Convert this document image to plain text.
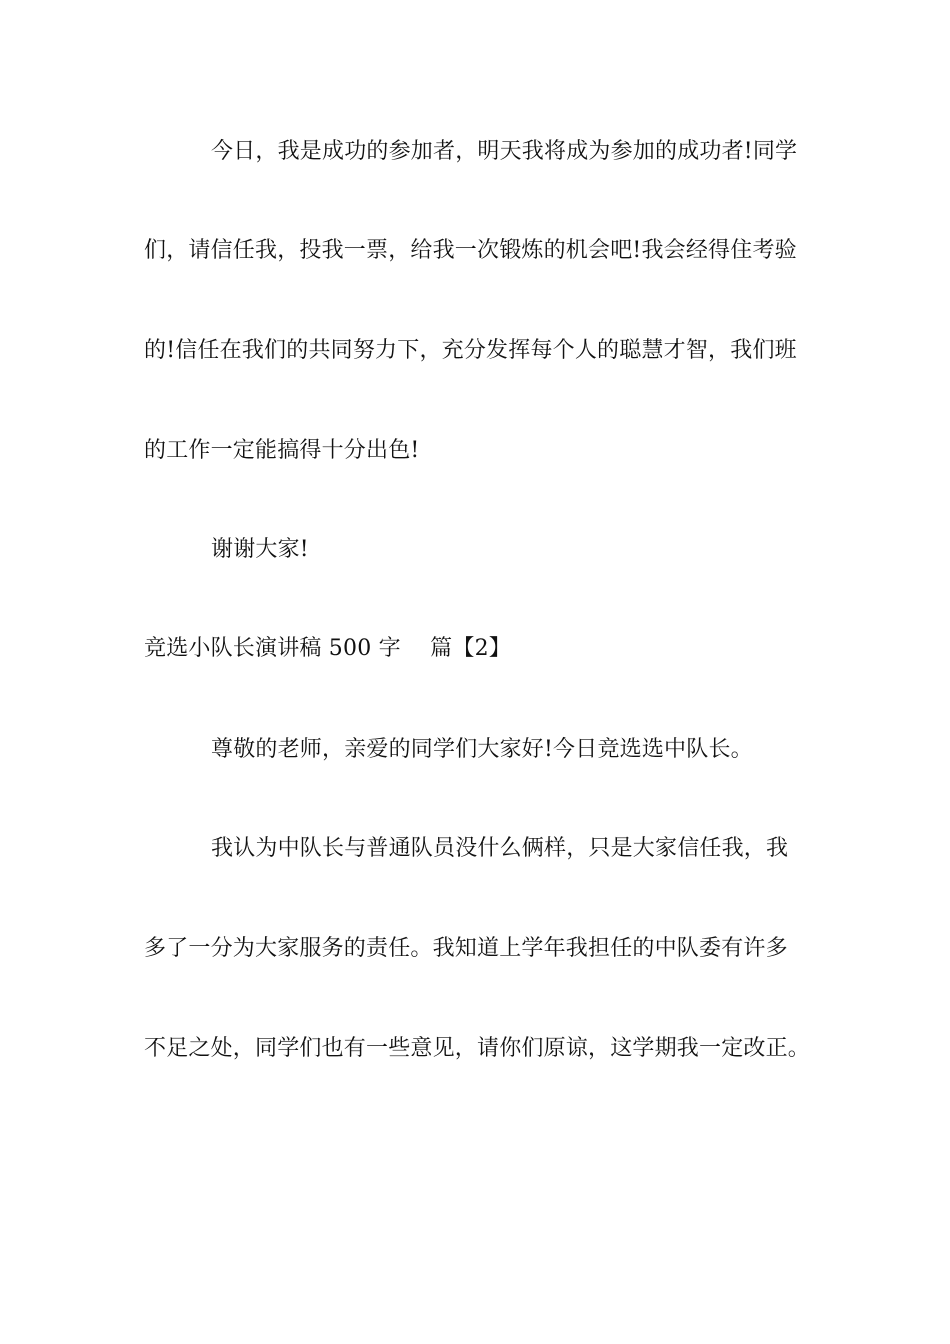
今日，我是成功的参加者，明天我将成为参加的成功者!同学
们，请信任我，投我一票，给我一次锻炼的机会吧!我会经得住考验
的!信任在我们的共同努力下，充分发挥每个人的聪慧才智，我们班
的工作一定能搞得十分出色!
谢谢大家!
竞选小队长演讲稿 500 字　 篇【2】
尊敬的老师，亲爱的同学们大家好!今日竞选选中队长。
我认为中队长与普通队员没什么俩样，只是大家信任我，我
多了一分为大家服务的责任。我知道上学年我担任的中队委有许多
不足之处，同学们也有一些意见，请你们原谅，这学期我一定改正。
